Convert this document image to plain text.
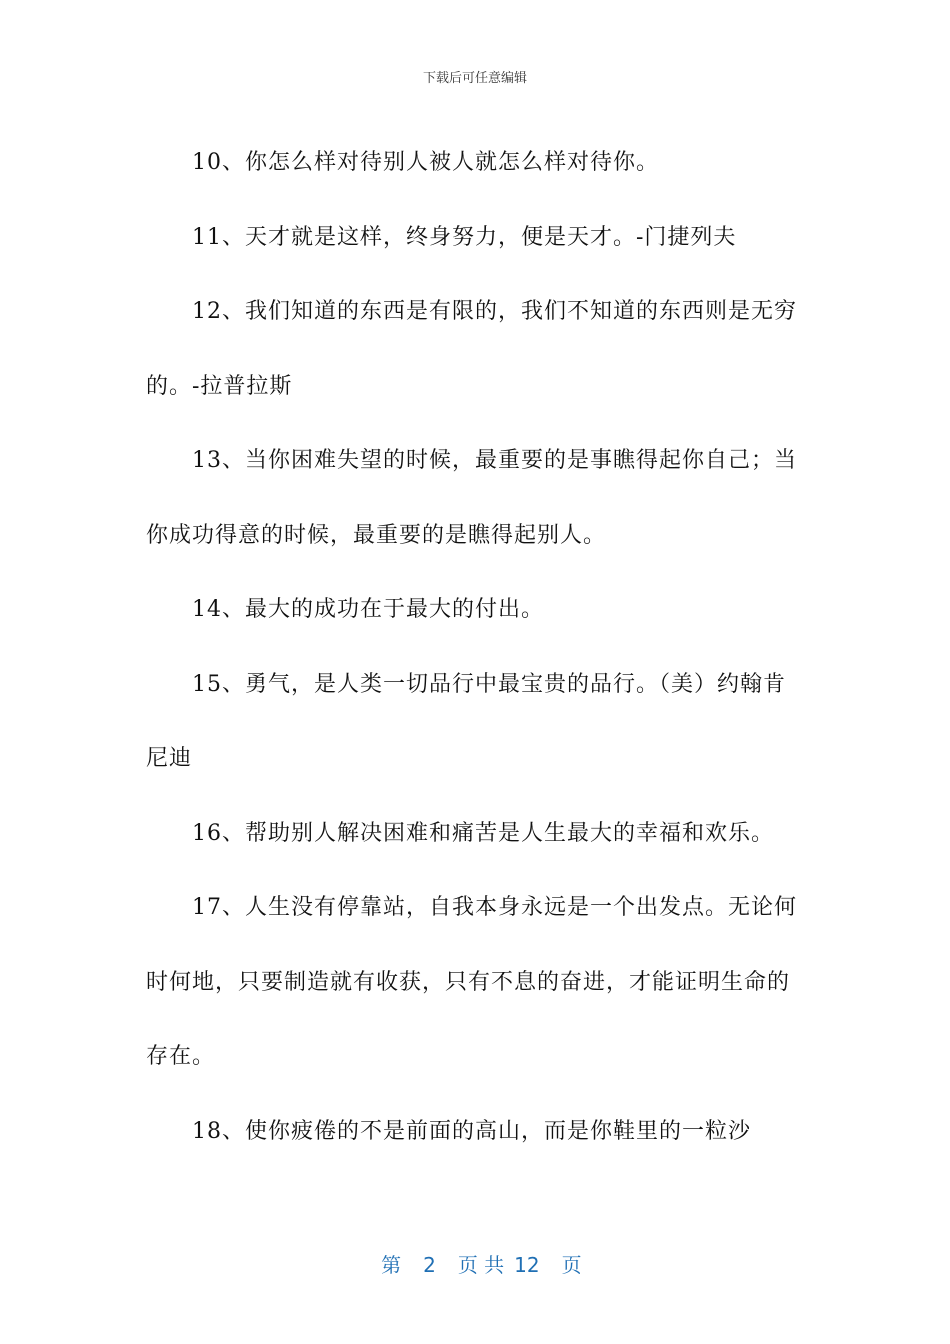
下载后可任意编辑

10、你怎么样对待别人被人就怎么样对待你。

11、天才就是这样，终身努力，便是天才。-门捷列夫

12、我们知道的东西是有限的，我们不知道的东西则是无穷的。-拉普拉斯

13、当你困难失望的时候，最重要的是事瞧得起你自己；当你成功得意的时候，最重要的是瞧得起别人。

14、最大的成功在于最大的付出。

15、勇气，是人类一切品行中最宝贵的品行。（美）约翰肯尼迪

16、帮助别人解决困难和痛苦是人生最大的幸福和欢乐。

17、人生没有停靠站，自我本身永远是一个出发点。无论何时何地，只要制造就有收获，只有不息的奋进，才能证明生命的存在。

18、使你疲倦的不是前面的高山，而是你鞋里的一粒沙

第 2 页 共 12 页
